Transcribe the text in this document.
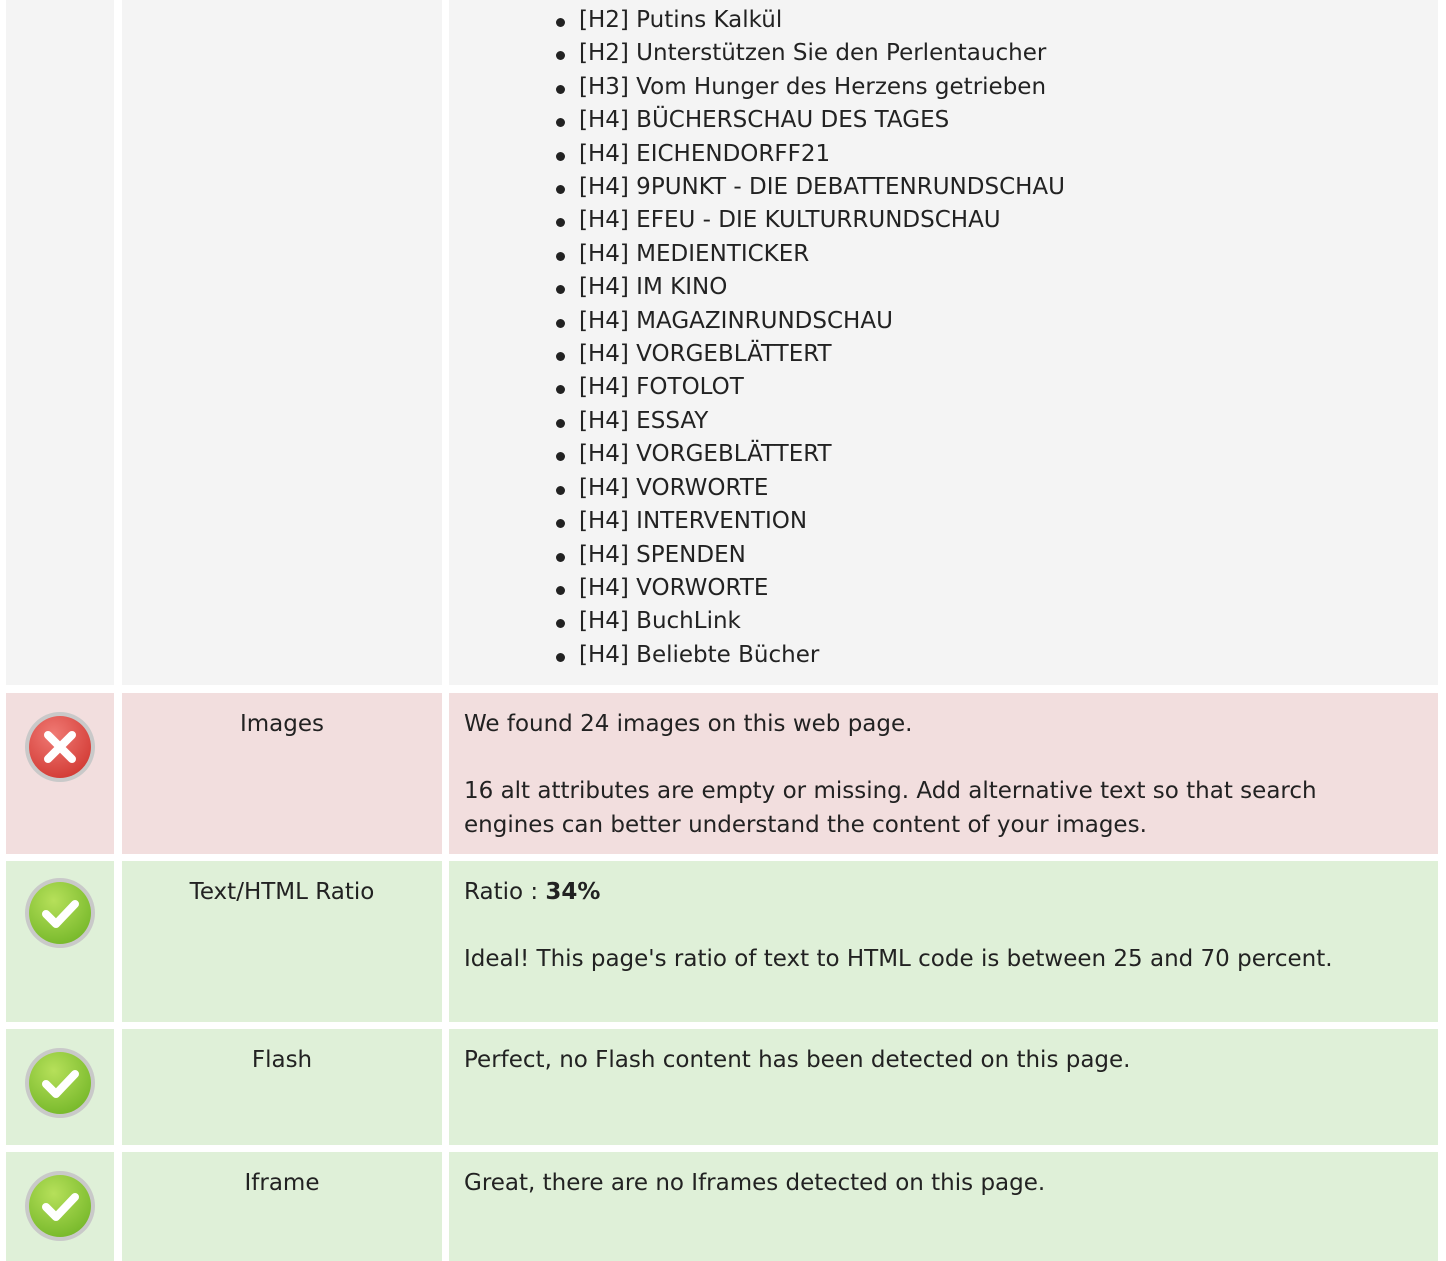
[H2] Putins Kalkül
[H2] Unterstützen Sie den Perlentaucher
[H3] Vom Hunger des Herzens getrieben
[H4] BÜCHERSCHAU DES TAGES
[H4] EICHENDORFF21
[H4] 9PUNKT - DIE DEBATTENRUNDSCHAU
[H4] EFEU - DIE KULTURRUNDSCHAU
[H4] MEDIENTICKER
[H4] IM KINO
[H4] MAGAZINRUNDSCHAU
[H4] VORGEBLÄTTERT
[H4] FOTOLOT
[H4] ESSAY
[H4] VORGEBLÄTTERT
[H4] VORWORTE
[H4] INTERVENTION
[H4] SPENDEN
[H4] VORWORTE
[H4] BuchLink
[H4] Beliebte Bücher
Images	We found 24 images on this web page.

16 alt attributes are empty or missing. Add alternative text so that search engines can better understand the content of your images.

Text/HTML Ratio	Ratio : 34%

Ideal! This page's ratio of text to HTML code is between 25 and 70 percent.

Flash	Perfect, no Flash content has been detected on this page.

Iframe	Great, there are no Iframes detected on this page.
